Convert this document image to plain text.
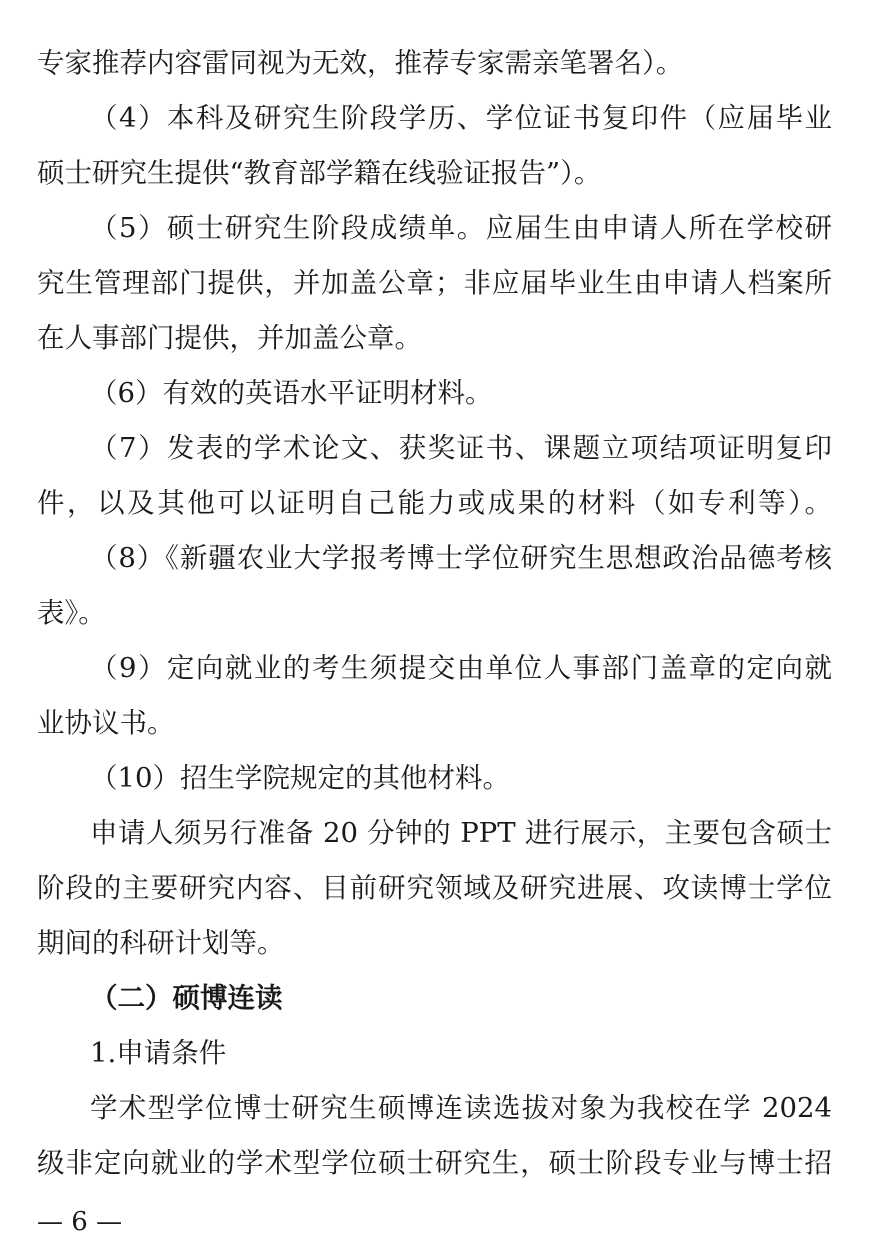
专家推荐内容雷同视为无效，推荐专家需亲笔署名）。
（4）本科及研究生阶段学历、学位证书复印件（应届毕业
硕士研究生提供“教育部学籍在线验证报告”）。
（5）硕士研究生阶段成绩单。应届生由申请人所在学校研
究生管理部门提供，并加盖公章；非应届毕业生由申请人档案所
在人事部门提供，并加盖公章。
（6）有效的英语水平证明材料。
（7）发表的学术论文、获奖证书、课题立项结项证明复印
件，以及其他可以证明自己能力或成果的材料（如专利等）。
（8）《新疆农业大学报考博士学位研究生思想政治品德考核
表》。
（9）定向就业的考生须提交由单位人事部门盖章的定向就
业协议书。
（10）招生学院规定的其他材料。
申请人须另行准备 20 分钟的 PPT 进行展示，主要包含硕士
阶段的主要研究内容、目前研究领域及研究进展、攻读博士学位
期间的科研计划等。
（二）硕博连读
1.申请条件
学术型学位博士研究生硕博连读选拔对象为我校在学 2024
级非定向就业的学术型学位硕士研究生，硕士阶段专业与博士招
— 6 —
